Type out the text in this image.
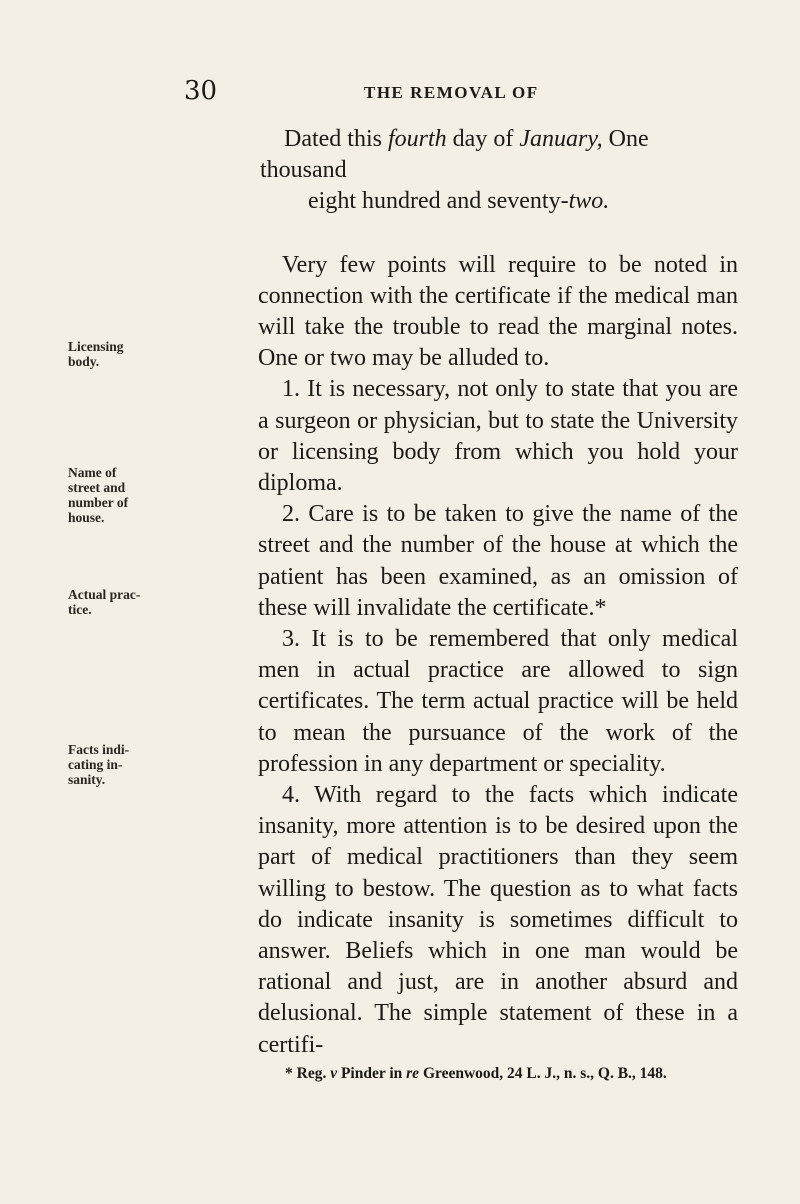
30	THE REMOVAL OF

Dated this fourth day of January, One thousand
eight hundred and seventy-two.

Very few points will require to be noted in connection with the certificate if the medical man will take the trouble to read the marginal notes. One or two may be alluded to.

1. It is necessary, not only to state that you are a surgeon or physician, but to state the University or licensing body from which you hold your diploma.

2. Care is to be taken to give the name of the street and the number of the house at which the patient has been examined, as an omission of these will invalidate the certificate.*

3. It is to be remembered that only medical men in actual practice are allowed to sign certificates. The term actual practice will be held to mean the pursuance of the work of the profession in any department or speciality.

4. With regard to the facts which indicate insanity, more attention is to be desired upon the part of medical practitioners than they seem willing to bestow. The question as to what facts do indicate insanity is sometimes difficult to answer. Beliefs which in one man would be rational and just, are in another absurd and delusional. The simple statement of these in a certifi-

Licensing
body.
Name of
street and
number of
house.
Actual prac-
tice.
Facts indi-
cating in-
sanity.
* Reg. v Pinder in re Greenwood, 24 L. J., n. s., Q. B., 148.
